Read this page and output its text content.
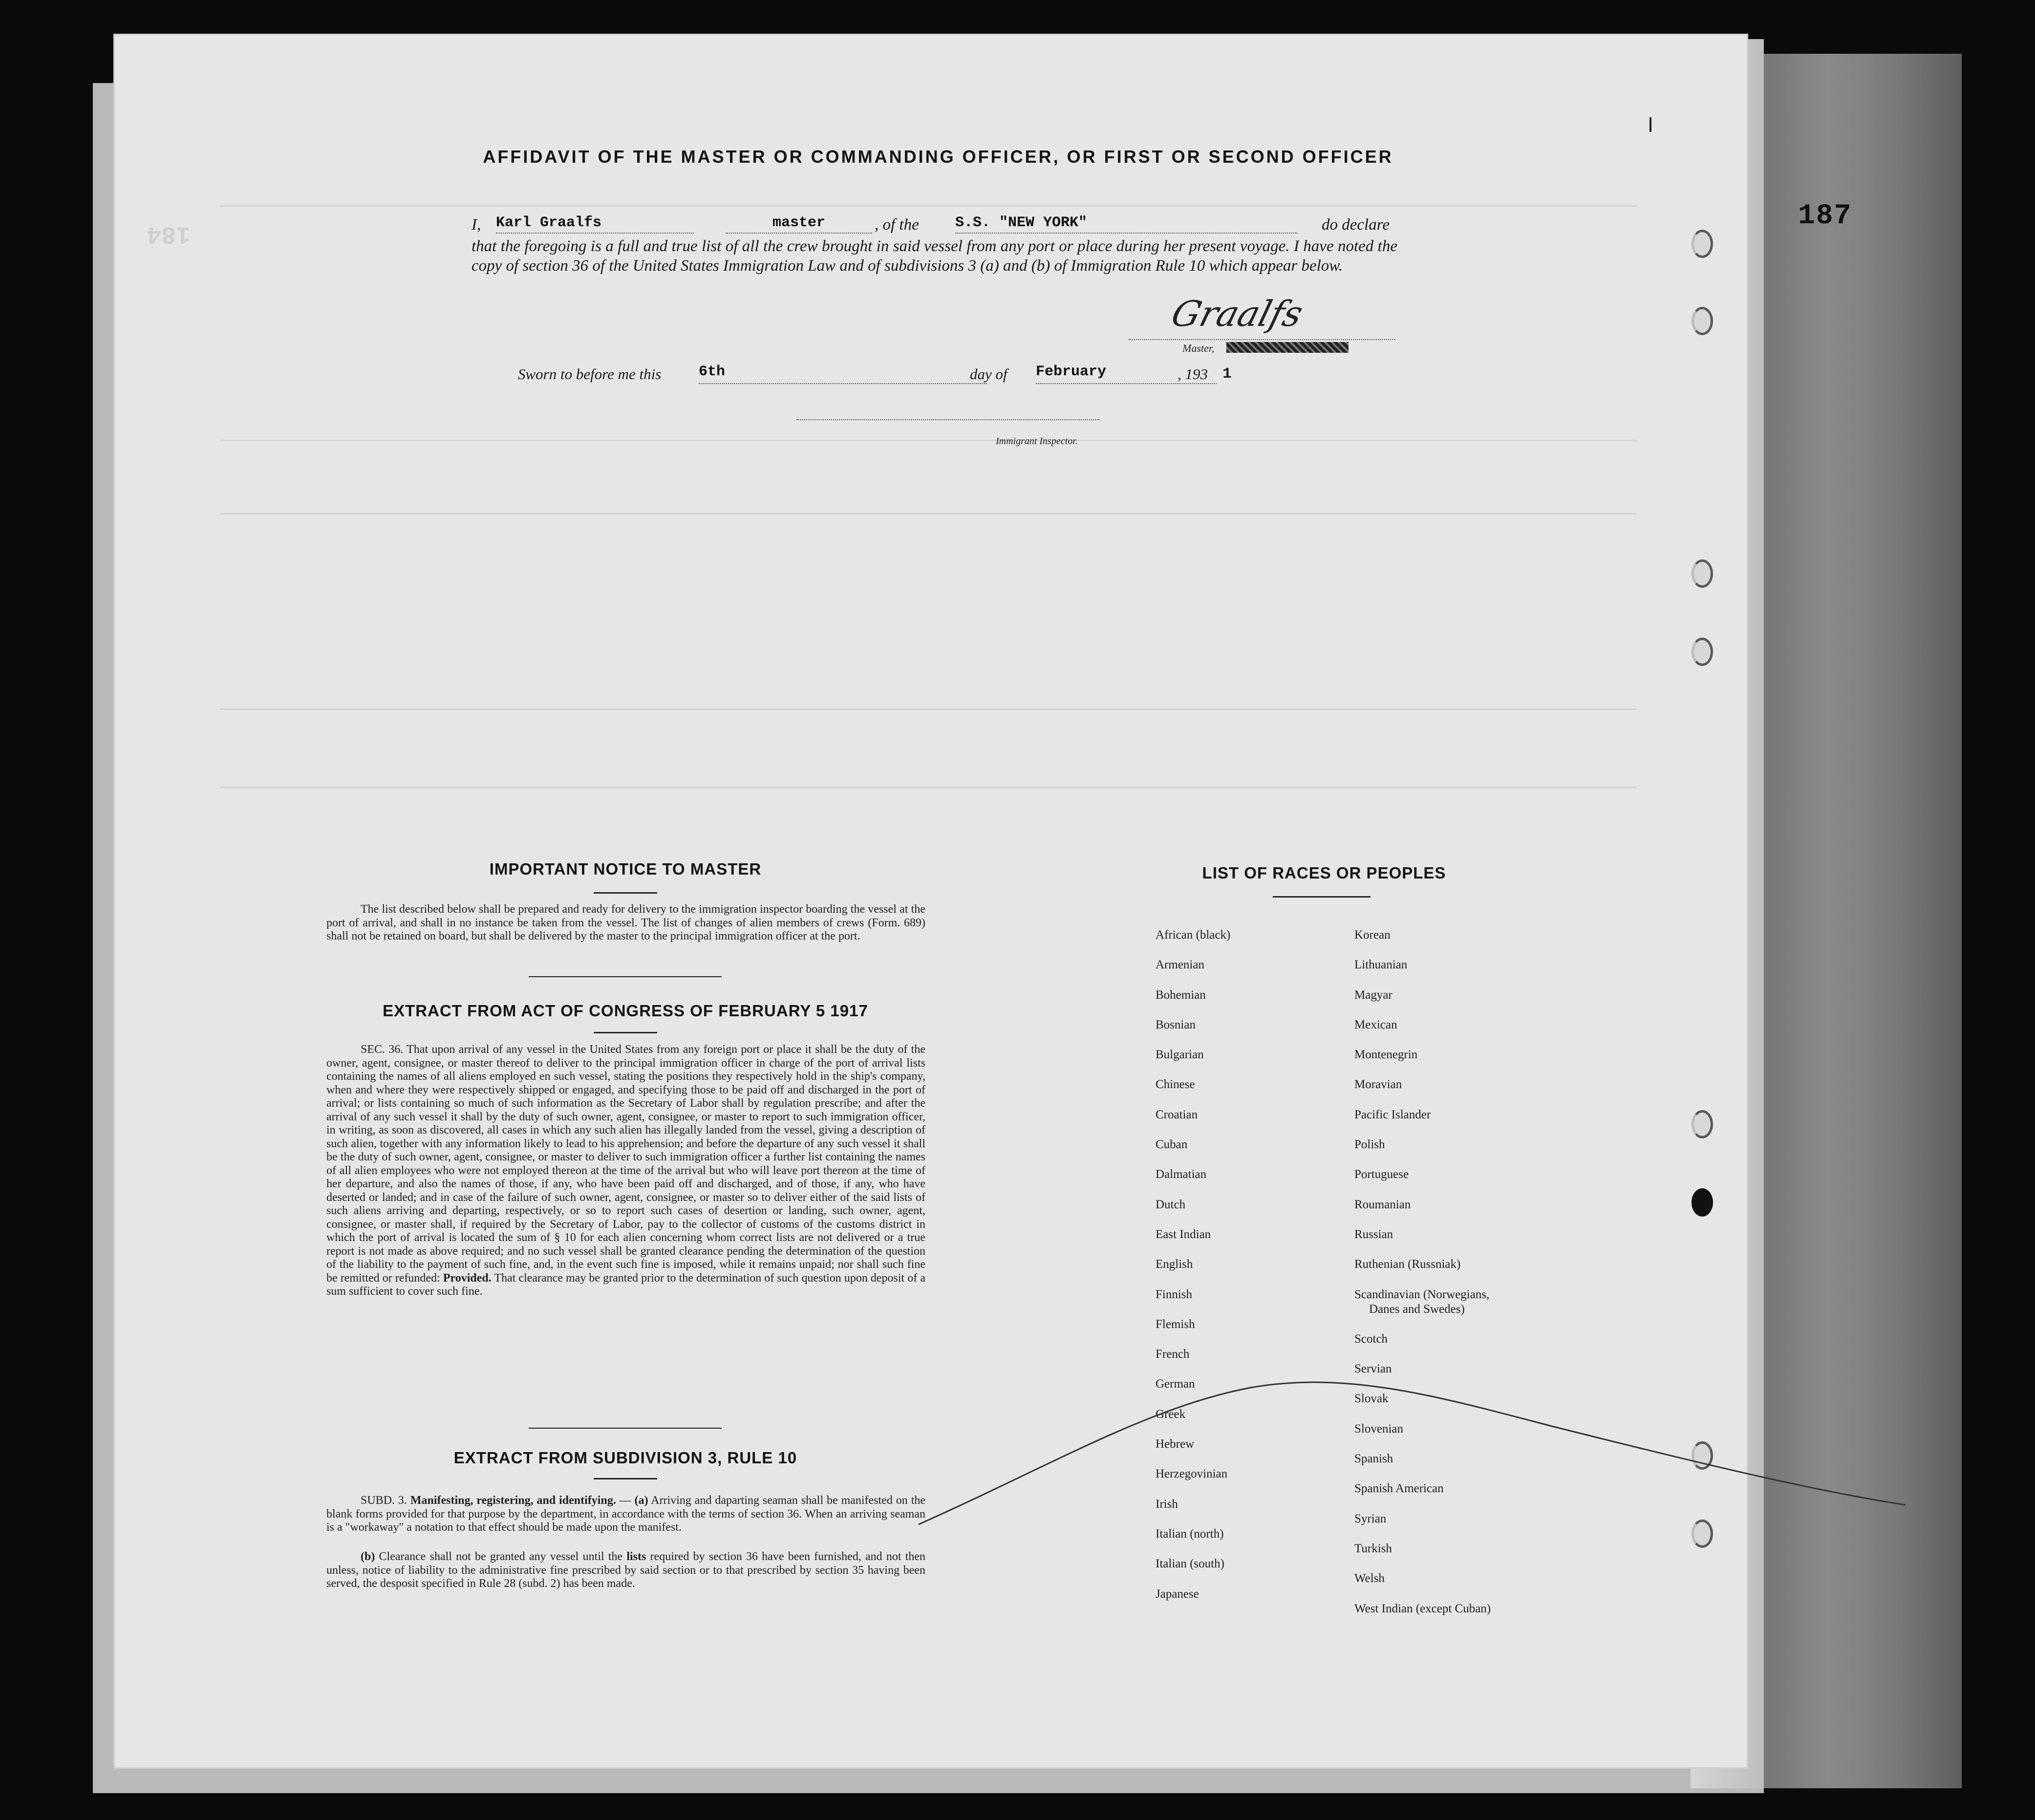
187
184
AFFIDAVIT OF THE MASTER OR COMMANDING OFFICER, OR FIRST OR SECOND OFFICER
I, Karl Graalfs	master	, of the S.S. "NEW YORK"	do declare
that the foregoing is a full and true list of all the crew brought in said vessel from any port or place during her present voyage. I have noted the copy of section 36 of the United States Immigration Law and of subdivisions 3 (a) and (b) of Immigration Rule 10 which appear below.
Graalfs
Master,
Sworn to before me this	6th	day of February	, 193 1
Immigrant Inspector.
IMPORTANT NOTICE TO MASTER
The list described below shall be prepared and ready for delivery to the immigration inspector boarding the vessel at the port of arrival, and shall in no instance be taken from the vessel. The list of changes of alien members of crews (Form. 689) shall not be retained on board, but shall be delivered by the master to the principal immigration officer at the port.
EXTRACT FROM ACT OF CONGRESS OF FEBRUARY 5 1917
SEC. 36. That upon arrival of any vessel in the United States from any foreign port or place it shall be the duty of the owner, agent, consignee, or master thereof to deliver to the principal immigration officer in charge of the port of arrival lists containing the names of all aliens employed en such vessel, stating the positions they respectively hold in the ship's company, when and where they were respectively shipped or engaged, and specifying those to be paid off and discharged in the port of arrival; or lists containing so much of such information as the Secretary of Labor shall by regulation prescribe; and after the arrival of any such vessel it shall by the duty of such owner, agent, consignee, or master to report to such immigration officer, in writing, as soon as discovered, all cases in which any such alien has illegally landed from the vessel, giving a description of such alien, together with any information likely to lead to his apprehension; and before the departure of any such vessel it shall be the duty of such owner, agent, consignee, or master to deliver to such immigration officer a further list containing the names of all alien employees who were not employed thereon at the time of the arrival but who will leave port thereon at the time of her departure, and also the names of those, if any, who have been paid off and discharged, and of those, if any, who have deserted or landed; and in case of the failure of such owner, agent, consignee, or master so to deliver either of the said lists of such aliens arriving and departing, respectively, or so to report such cases of desertion or landing, such owner, agent, consignee, or master shall, if required by the Secretary of Labor, pay to the collector of customs of the customs district in which the port of arrival is located the sum of § 10 for each alien concerning whom correct lists are not delivered or a true report is not made as above required; and no such vessel shall be granted clearance pending the determination of the question of the liability to the payment of such fine, and, in the event such fine is imposed, while it remains unpaid; nor shall such fine be remitted or refunded: Provided. That clearance may be granted prior to the determination of such question upon deposit of a sum sufficient to cover such fine.
EXTRACT FROM SUBDIVISION 3, RULE 10
SUBD. 3. Manifesting, registering, and identifying. — (a) Arriving and daparting seaman shall be manifested on the blank forms provided for that purpose by the department, in accordance with the terms of section 36. When an arriving seaman is a "workaway" a notation to that effect should be made upon the manifest.
(b) Clearance shall not be granted any vessel until the lists required by section 36 have been furnished, and not then unless, notice of liability to the administrative fine prescribed by said section or to that prescribed by section 35 having been served, the desposit specified in Rule 28 (subd. 2) has been made.
LIST OF RACES OR PEOPLES
African (black)
Armenian
Bohemian
Bosnian
Bulgarian
Chinese
Croatian
Cuban
Dalmatian
Dutch
East Indian
English
Finnish
Flemish
French
German
Greek
Hebrew
Herzegovinian
Irish
Italian (north)
Italian (south)
Japanese
Korean
Lithuanian
Magyar
Mexican
Montenegrin
Moravian
Pacific Islander
Polish
Portuguese
Roumanian
Russian
Ruthenian (Russniak)
Scandinavian (Norwegians,
Danes and Swedes)
Scotch
Servian
Slovak
Slovenian
Spanish
Spanish American
Syrian
Turkish
Welsh
West Indian (except Cuban)
